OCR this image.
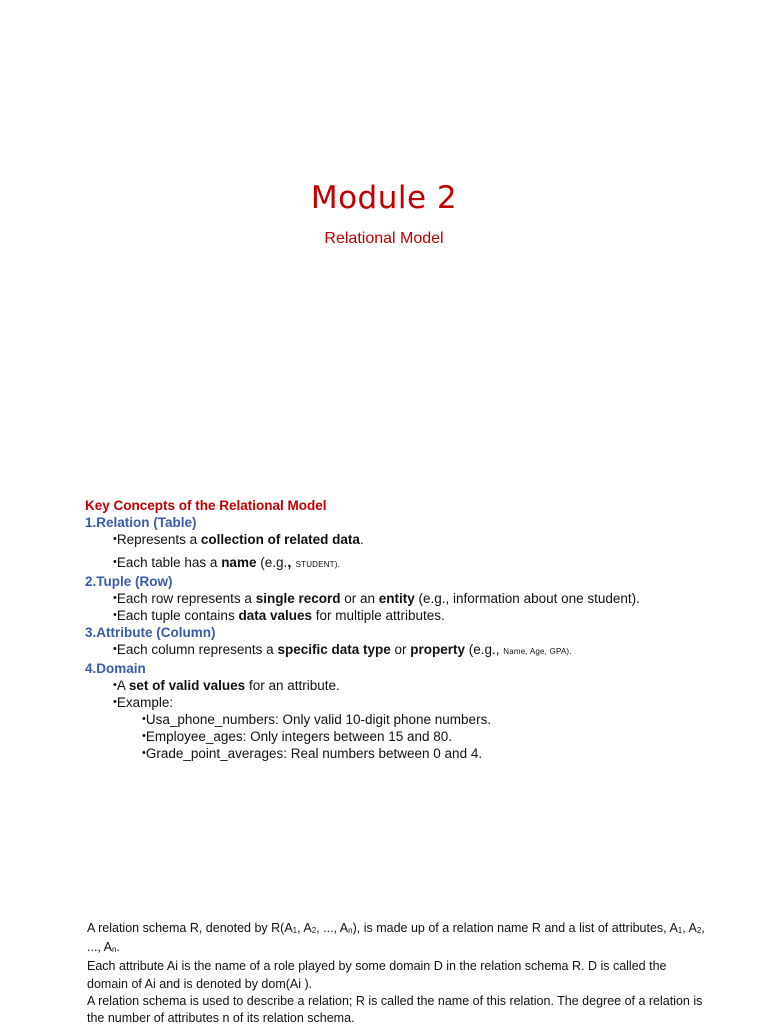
Module 2
Relational Model
Key Concepts of the Relational Model
1.Relation (Table)
•Represents a collection of related data.
•Each table has a name (e.g., STUDENT).
2.Tuple (Row)
•Each row represents a single record or an entity (e.g., information about one student).
•Each tuple contains data values for multiple attributes.
3.Attribute (Column)
•Each column represents a specific data type or property (e.g., Name, Age, GPA).
4.Domain
•A set of valid values for an attribute.
•Example:
•Usa_phone_numbers: Only valid 10-digit phone numbers.
•Employee_ages: Only integers between 15 and 80.
•Grade_point_averages: Real numbers between 0 and 4.
A relation schema R, denoted by $R(A_1$, $A_2$, ..., $A_n$), is made up of a relation name R and a list of attributes, $A_1$, $A_2$, ..., $A_n$.
Each attribute Ai is the name of a role played by some domain D in the relation schema R. D is called the domain of Ai and is denoted by dom(Ai ).
A relation schema is used to describe a relation; R is called the name of this relation. The degree of a relation is the number of attributes n of its relation schema.
